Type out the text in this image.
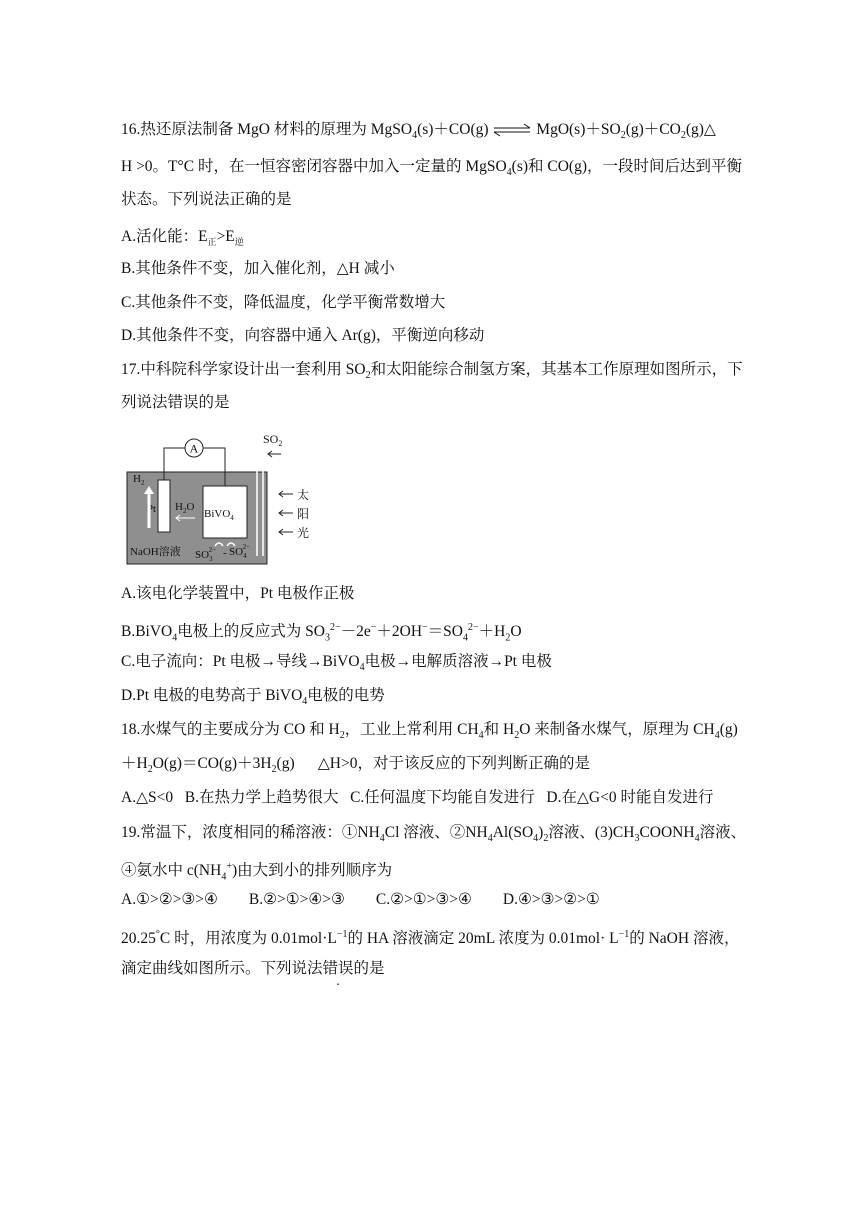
16.热还原法制备 MgO 材料的原理为 MgSO$_4$(s)＋CO(g) ⇌ $MgO(s)+SO_2(g)+CO_2(g)\triangle$
H >0。T°C 时，在一恒容密闭容器中加入一定量的 MgSO$_4$(s)和 CO(g)，一段时间后达到平衡
状态。下列说法正确的是
A.活化能：$E_正>E_逆$
B.其他条件不变，加入催化剂，△H 减小
C.其他条件不变，降低温度，化学平衡常数增大
D.其他条件不变，向容器中通入 Ar(g)，平衡逆向移动
17.中科院科学家设计出一套利用 $SO_2$和太阳能综合制氢方案，其基本工作原理如图所示，下
列说法错误的是
A
$SO_2$
Pt
$H_2$
BiVO$_4$
$H_2O$
NaOH溶液 $SO_32- - SO_42-$
太
阳
光
A.该电化学装置中，Pt 电极作正极
B.BiVO$_4$电极上的反应式为 $SO_3^{2-}-2e^-+2OH^-=SO_4^{2-}+H_2O$
C.电子流向：Pt 电极→导线→BiVO$_4$电极→电解质溶液→Pt 电极
D.Pt 电极的电势高于 BiVO$_4$电极的电势
18.水煤气的主要成分为 CO 和 $H_2$，工业上常利用 $CH_4$和 $H_2O$ 来制备水煤气，原理为 $CH_4(g)$
$+H_2O(g)=CO(g)+3H_2(g)$      △H>0，对于该反应的下列判断正确的是
A.△S<0   B.在热力学上趋势很大   C.任何温度下均能自发进行   D.在△G<0 时能自发进行
19.常温下，浓度相同的稀溶液：$①NH_4Cl$ 溶液、$②NH_4Al(SO_4)_2$溶液、$(3)CH_3COONH_4$溶液、
④氨水中 $c(NH_4^+)$由大到小的排列顺序为
A.①>②>③>④        B.②>①>④>③        C.②>①>③>④        D.④>③>②>①
20.25°C 时，用浓度为 $0.01mol\cdot L^{-1}$的 HA 溶液滴定 20mL 浓度为 $0.01mol\cdot L^{-1}$的 NaOH 溶液，
滴定曲线如图所示。下列说法错误的是
